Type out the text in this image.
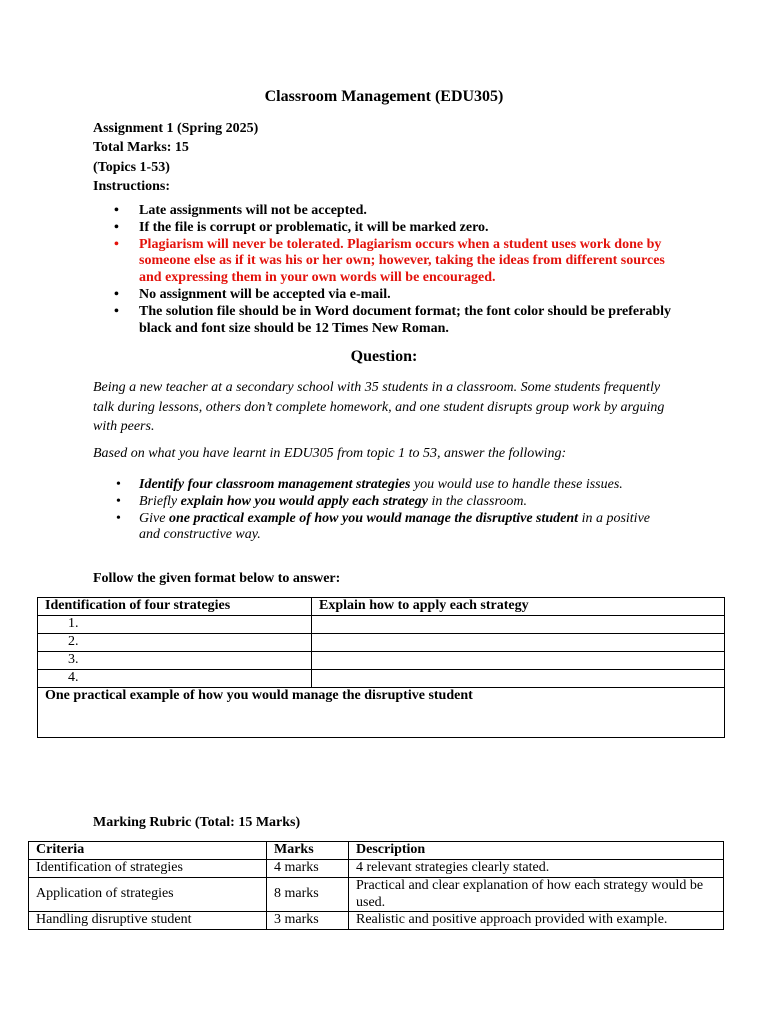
Classroom Management (EDU305)
Assignment 1 (Spring 2025)
Total Marks: 15
(Topics 1-53)
Instructions:
• Late assignments will not be accepted.
• If the file is corrupt or problematic, it will be marked zero.
• Plagiarism will never be tolerated. Plagiarism occurs when a student uses work done by someone else as if it was his or her own; however, taking the ideas from different sources and expressing them in your own words will be encouraged.
• No assignment will be accepted via e-mail.
• The solution file should be in Word document format; the font color should be preferably black and font size should be 12 Times New Roman.
Question:

Being a new teacher at a secondary school with 35 students in a classroom. Some students frequently talk during lessons, others don’t complete homework, and one student disrupts group work by arguing with peers.

Based on what you have learnt in EDU305 from topic 1 to 53, answer the following:

• Identify four classroom management strategies you would use to handle these issues.
• Briefly explain how you would apply each strategy in the classroom.
• Give one practical example of how you would manage the disruptive student in a positive and constructive way.
Follow the given format below to answer:
Identification of four strategies	Explain how to apply each strategy
1.	
2.	
3.	
4.	
One practical example of how you would manage the disruptive student	
Marking Rubric (Total: 15 Marks)
Criteria	Marks	Description
Identification of strategies	4 marks	4 relevant strategies clearly stated.
Application of strategies	8 marks	Practical and clear explanation of how each strategy would be used.
Handling disruptive student	3 marks	Realistic and positive approach provided with example.
